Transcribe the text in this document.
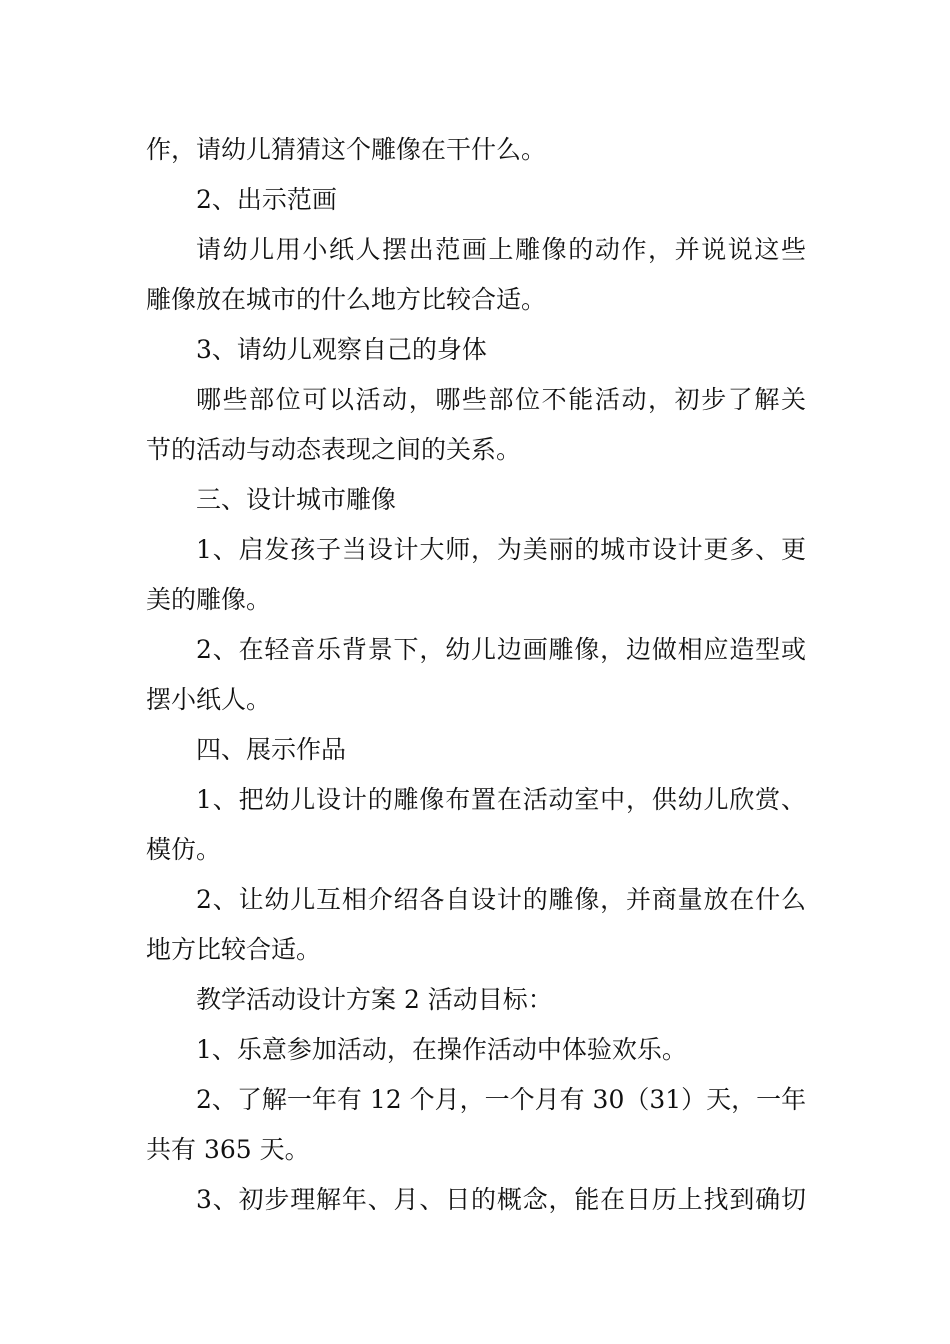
作，请幼儿猜猜这个雕像在干什么。
2、出示范画
请幼儿用小纸人摆出范画上雕像的动作，并说说这些
雕像放在城市的什么地方比较合适。
3、请幼儿观察自己的身体
哪些部位可以活动，哪些部位不能活动，初步了解关
节的活动与动态表现之间的关系。
三、设计城市雕像
1、启发孩子当设计大师，为美丽的城市设计更多、更
美的雕像。
2、在轻音乐背景下，幼儿边画雕像，边做相应造型或
摆小纸人。
四、展示作品
1、把幼儿设计的雕像布置在活动室中，供幼儿欣赏、
模仿。
2、让幼儿互相介绍各自设计的雕像，并商量放在什么
地方比较合适。
教学活动设计方案 2 活动目标：
1、乐意参加活动，在操作活动中体验欢乐。
2、了解一年有 12 个月，一个月有 30（31）天，一年
共有 365 天。
3、初步理解年、月、日的概念，能在日历上找到确切
